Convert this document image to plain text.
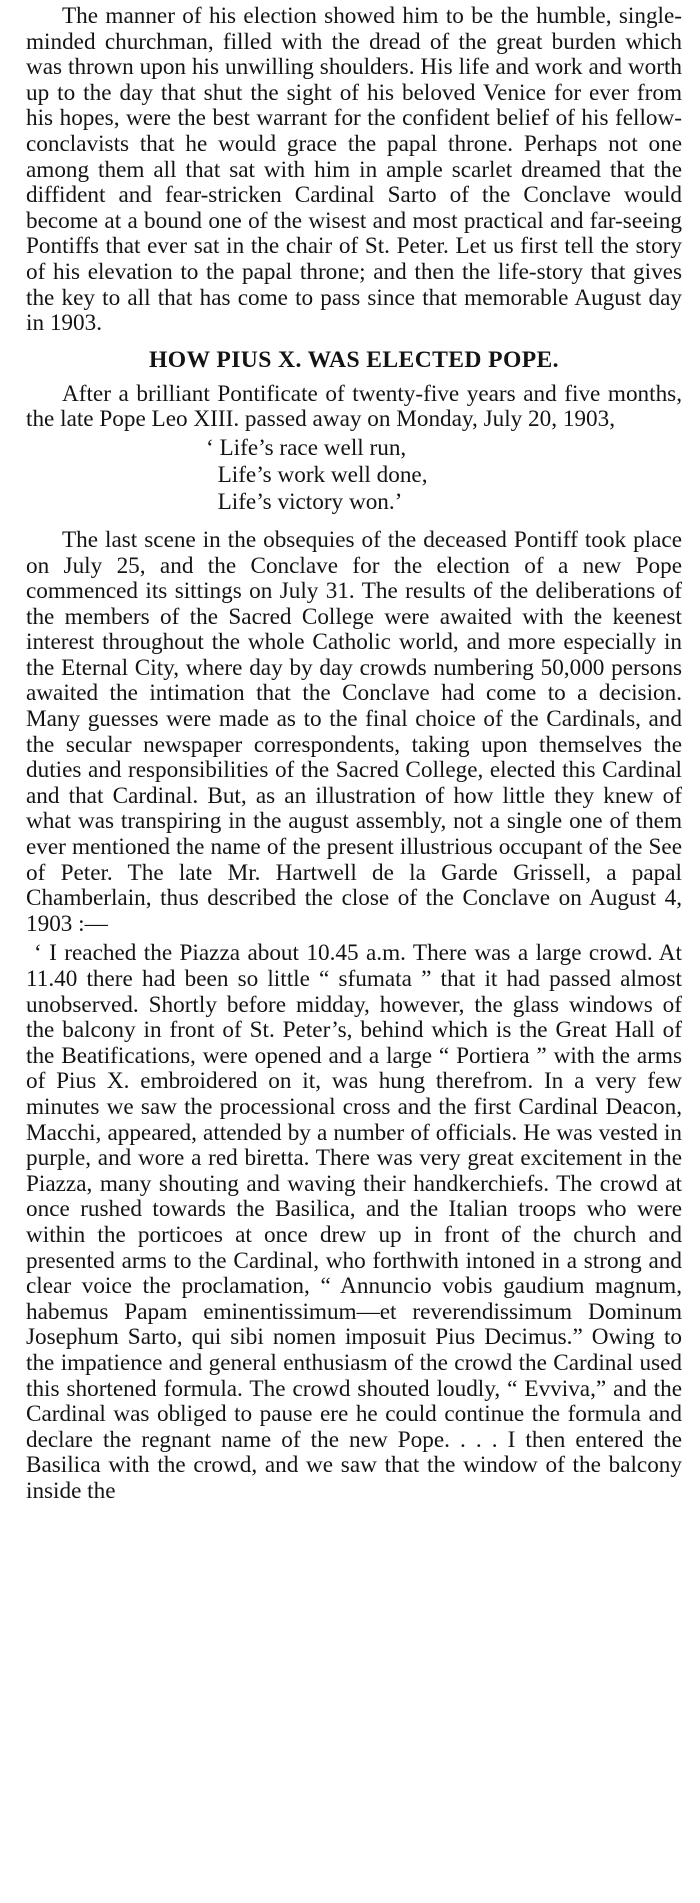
The manner of his election showed him to be the humble, single-minded churchman, filled with the dread of the great burden which was thrown upon his unwilling shoulders. His life and work and worth up to the day that shut the sight of his beloved Venice for ever from his hopes, were the best warrant for the confident belief of his fellow-conclavists that he would grace the papal throne. Perhaps not one among them all that sat with him in ample scarlet dreamed that the diffident and fear-stricken Cardinal Sarto of the Conclave would become at a bound one of the wisest and most practical and far-seeing Pontiffs that ever sat in the chair of St. Peter. Let us first tell the story of his elevation to the papal throne; and then the life-story that gives the key to all that has come to pass since that memorable August day in 1903.

HOW PIUS X. WAS ELECTED POPE.

After a brilliant Pontificate of twenty-five years and five months, the late Pope Leo XIII. passed away on Monday, July 20, 1903,

‘ Life’s race well run,
Life’s work well done,
Life’s victory won.’

The last scene in the obsequies of the deceased Pontiff took place on July 25, and the Conclave for the election of a new Pope commenced its sittings on July 31. The results of the deliberations of the members of the Sacred College were awaited with the keenest interest throughout the whole Catholic world, and more especially in the Eternal City, where day by day crowds numbering 50,000 persons awaited the intimation that the Conclave had come to a decision. Many guesses were made as to the final choice of the Cardinals, and the secular newspaper correspondents, taking upon themselves the duties and responsibilities of the Sacred College, elected this Cardinal and that Cardinal. But, as an illustration of how little they knew of what was transpiring in the august assembly, not a single one of them ever mentioned the name of the present illustrious occupant of the See of Peter. The late Mr. Hartwell de la Garde Grissell, a papal Chamberlain, thus described the close of the Conclave on August 4, 1903 :—

‘ I reached the Piazza about 10.45 a.m. There was a large crowd. At 11.40 there had been so little “ sfumata ” that it had passed almost unobserved. Shortly before midday, however, the glass windows of the balcony in front of St. Peter’s, behind which is the Great Hall of the Beatifications, were opened and a large “ Portiera ” with the arms of Pius X. embroidered on it, was hung therefrom. In a very few minutes we saw the processional cross and the first Cardinal Deacon, Macchi, appeared, attended by a number of officials. He was vested in purple, and wore a red biretta. There was very great excitement in the Piazza, many shouting and waving their handkerchiefs. The crowd at once rushed towards the Basilica, and the Italian troops who were within the porticoes at once drew up in front of the church and presented arms to the Cardinal, who forthwith intoned in a strong and clear voice the proclamation, “ Annuncio vobis gaudium magnum, habemus Papam eminentissimum—et reverendissimum Dominum Josephum Sarto, qui sibi nomen imposuit Pius Decimus.” Owing to the impatience and general enthusiasm of the crowd the Cardinal used this shortened formula. The crowd shouted loudly, “ Evviva,” and the Cardinal was obliged to pause ere he could continue the formula and declare the regnant name of the new Pope. . . . I then entered the Basilica with the crowd, and we saw that the window of the balcony inside the
